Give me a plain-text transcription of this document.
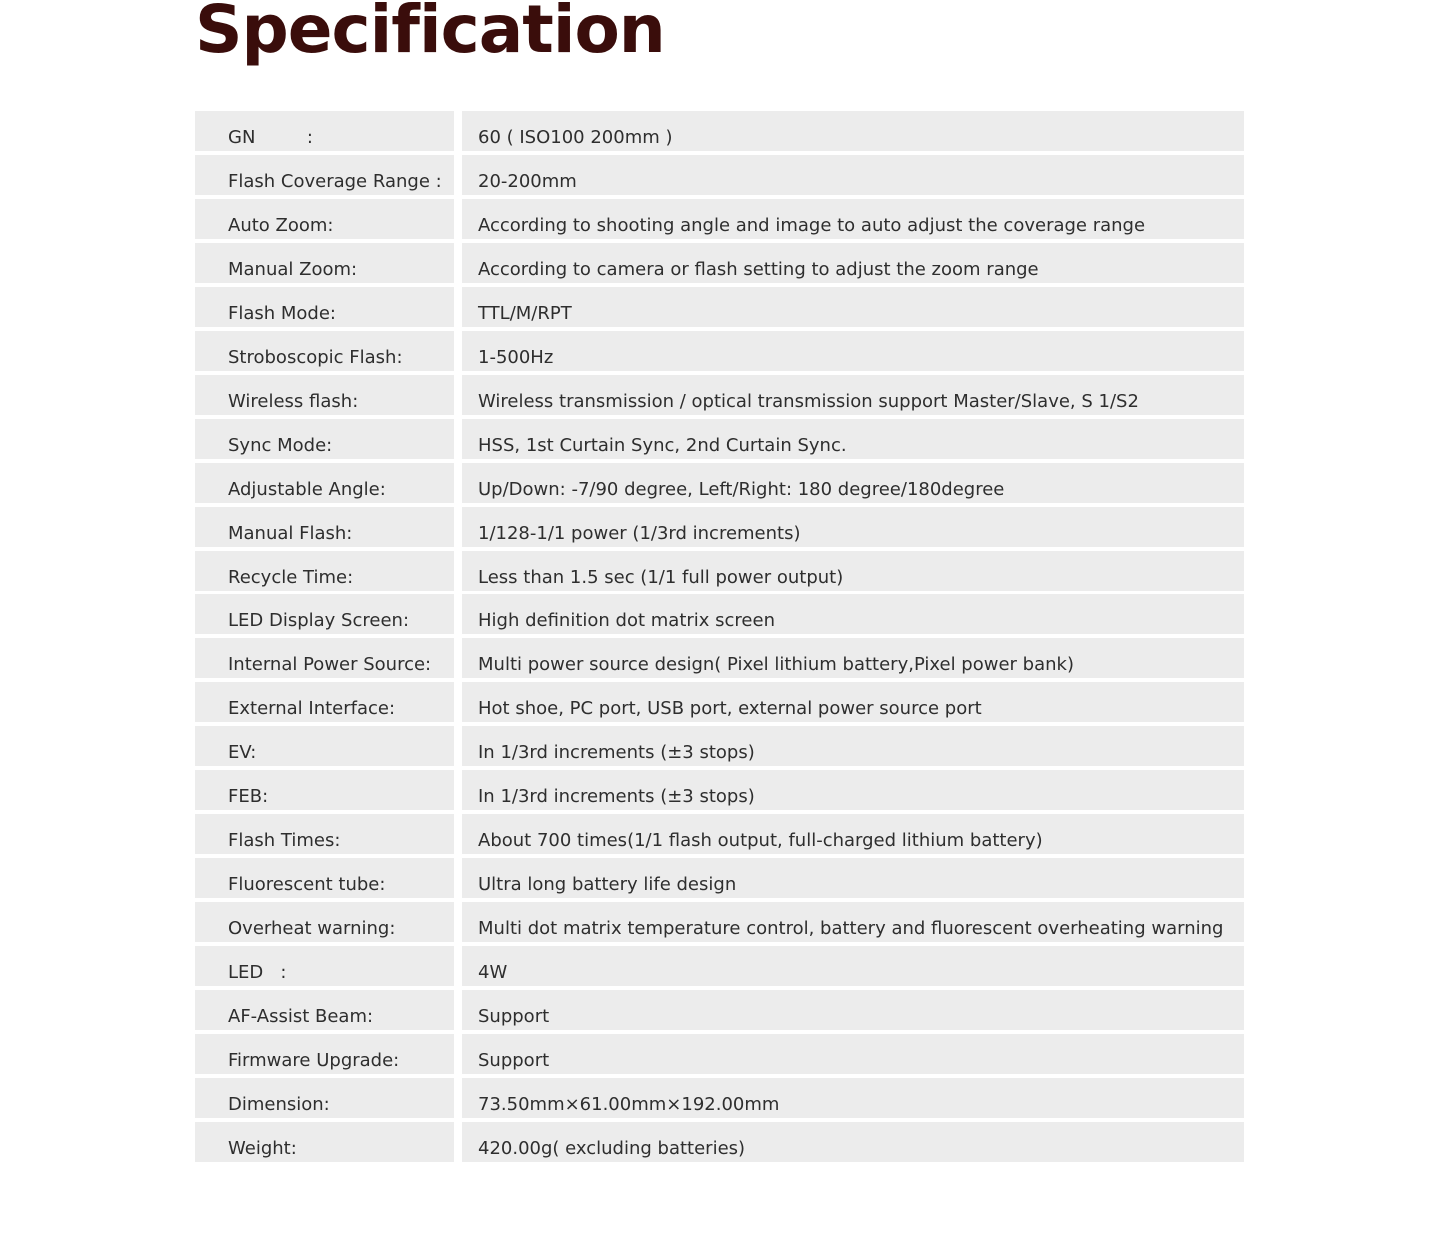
Specification
GN         :	60 ( ISO100 200mm )
Flash Coverage Range :	20-200mm
Auto Zoom:	According to shooting angle and image to auto adjust the coverage range
Manual Zoom:	According to camera or flash setting to adjust the zoom range
Flash Mode:	TTL/M/RPT
Stroboscopic Flash:	1-500Hz
Wireless flash:	Wireless transmission / optical transmission support Master/Slave, S 1/S2
Sync Mode:	HSS, 1st Curtain Sync, 2nd Curtain Sync.
Adjustable Angle:	Up/Down: -7/90 degree, Left/Right: 180 degree/180degree
Manual Flash:	1/128-1/1 power (1/3rd increments)
Recycle Time:	Less than 1.5 sec (1/1 full power output)
LED Display Screen:	High definition dot matrix screen
Internal Power Source:	Multi power source design( Pixel lithium battery,Pixel power bank)
External Interface:	Hot shoe, PC port, USB port, external power source port
EV:	In 1/3rd increments (±3 stops)
FEB:	In 1/3rd increments (±3 stops)
Flash Times:	About 700 times(1/1 flash output, full-charged lithium battery)
Fluorescent tube:	Ultra long battery life design
Overheat warning:	Multi dot matrix temperature control, battery and fluorescent overheating warning
LED   :	4W
AF-Assist Beam:	Support
Firmware Upgrade:	Support
Dimension:	73.50mm×61.00mm×192.00mm
Weight:	420.00g( excluding batteries)
